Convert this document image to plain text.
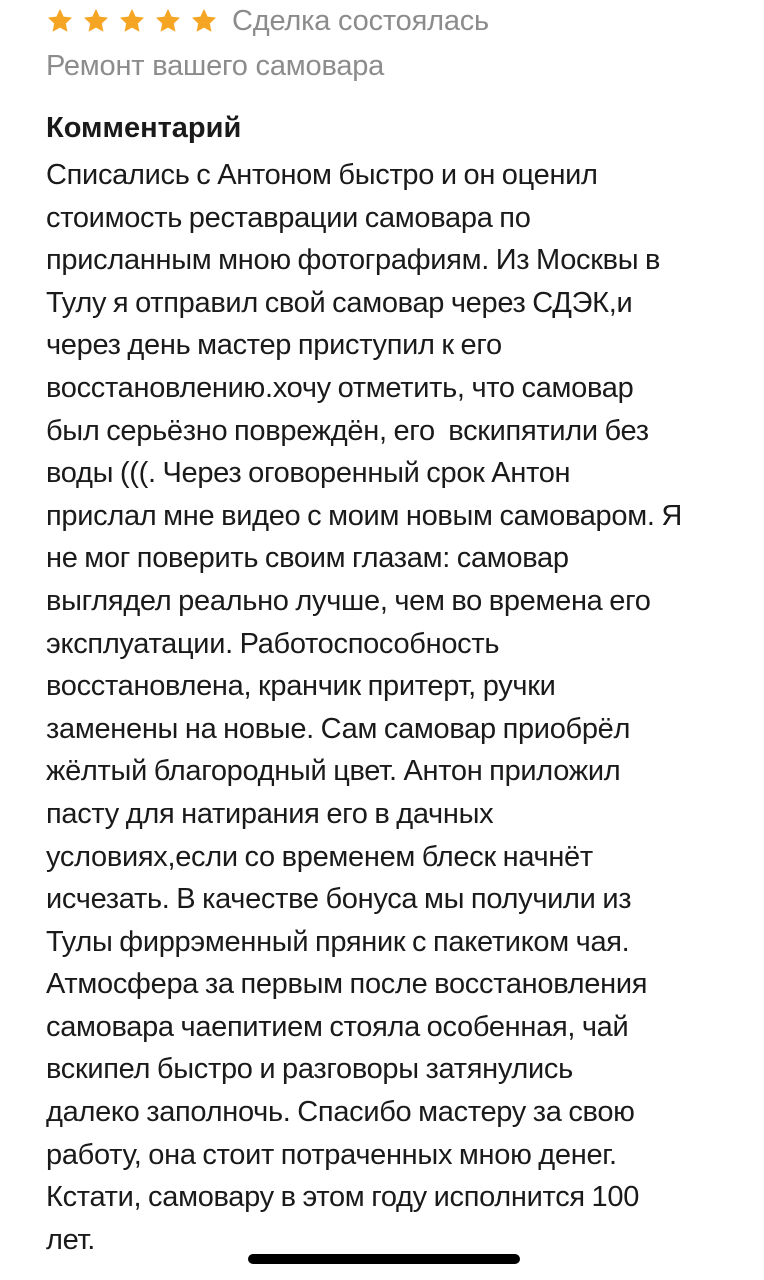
Сделка состоялась
Ремонт вашего самовара
Комментарий

Списались с Антоном быстро и он оценил
стоимость реставрации самовара по
присланным мною фотографиям. Из Москвы в
Тулу я отправил свой самовар через СДЭК,и
через день мастер приступил к его
восстановлению.хочу отметить, что самовар
был серьёзно повреждён, его  вскипятили без
воды (((. Через оговоренный срок Антон
прислал мне видео с моим новым самоваром. Я
не мог поверить своим глазам: самовар
выглядел реально лучше, чем во времена его
эксплуатации. Работоспособность
восстановлена, кранчик притерт, ручки
заменены на новые. Сам самовар приобрёл
жёлтый благородный цвет. Антон приложил
пасту для натирания его в дачных
условиях,если со временем блеск начнёт
исчезать. В качестве бонуса мы получили из
Тулы фиррэменный пряник с пакетиком чая.
Атмосфера за первым после восстановления
самовара чаепитием стояла особенная, чай
вскипел быстро и разговоры затянулись
далеко заполночь. Спасибо мастеру за свою
работу, она стоит потраченных мною денег.
Кстати, самовару в этом году исполнится 100
лет.
